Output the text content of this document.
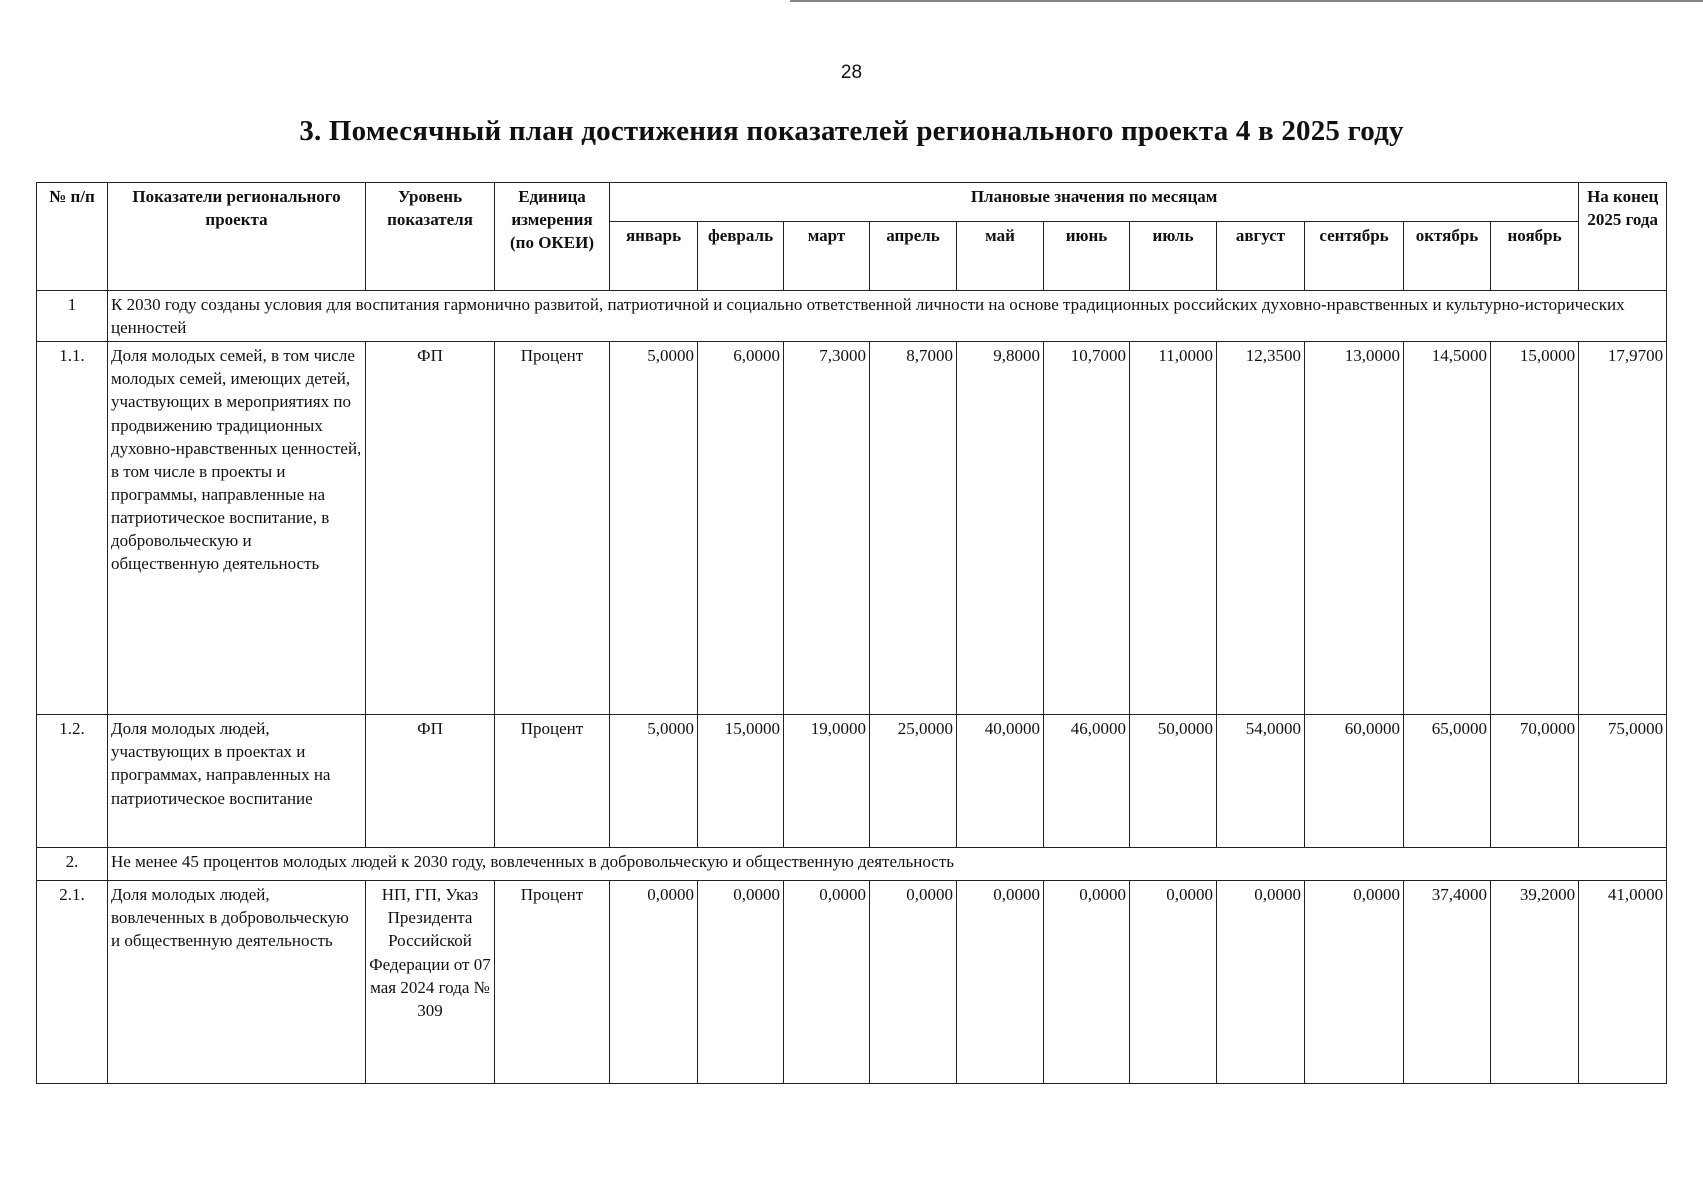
28
3. Помесячный план достижения показателей регионального проекта 4 в 2025 году
№ п/п	Показатели регионального проекта	Уровень показателя	Единица измерения (по ОКЕИ)	Плановые значения по месяцам											На конец 2025 года
				январь	февраль	март	апрель	май	июнь	июль	август	сентябрь	октябрь	ноябрь	
1	К 2030 году созданы условия для воспитания гармонично развитой, патриотичной и социально ответственной личности на основе традиционных российских духовно-нравственных и культурно-исторических ценностей														
1.1.	Доля молодых семей, в том числе молодых семей, имеющих детей, участвующих в мероприятиях по продвижению традиционных духовно-нравственных ценностей, в том числе в проекты и программы, направленные на патриотическое воспитание, в добровольческую и общественную деятельность	ФП	Процент	5,0000	6,0000	7,3000	8,7000	9,8000	10,7000	11,0000	12,3500	13,0000	14,5000	15,0000	17,9700
1.2.	Доля молодых людей, участвующих в проектах и программах, направленных на патриотическое воспитание	ФП	Процент	5,0000	15,0000	19,0000	25,0000	40,0000	46,0000	50,0000	54,0000	60,0000	65,0000	70,0000	75,0000
2.	Не менее 45 процентов молодых людей к 2030 году, вовлеченных в добровольческую и общественную деятельность														
2.1.	Доля молодых людей, вовлеченных в добровольческую и общественную деятельность	НП, ГП, Указ Президента Российской Федерации от 07 мая 2024 года № 309	Процент	0,0000	0,0000	0,0000	0,0000	0,0000	0,0000	0,0000	0,0000	0,0000	37,4000	39,2000	41,0000
